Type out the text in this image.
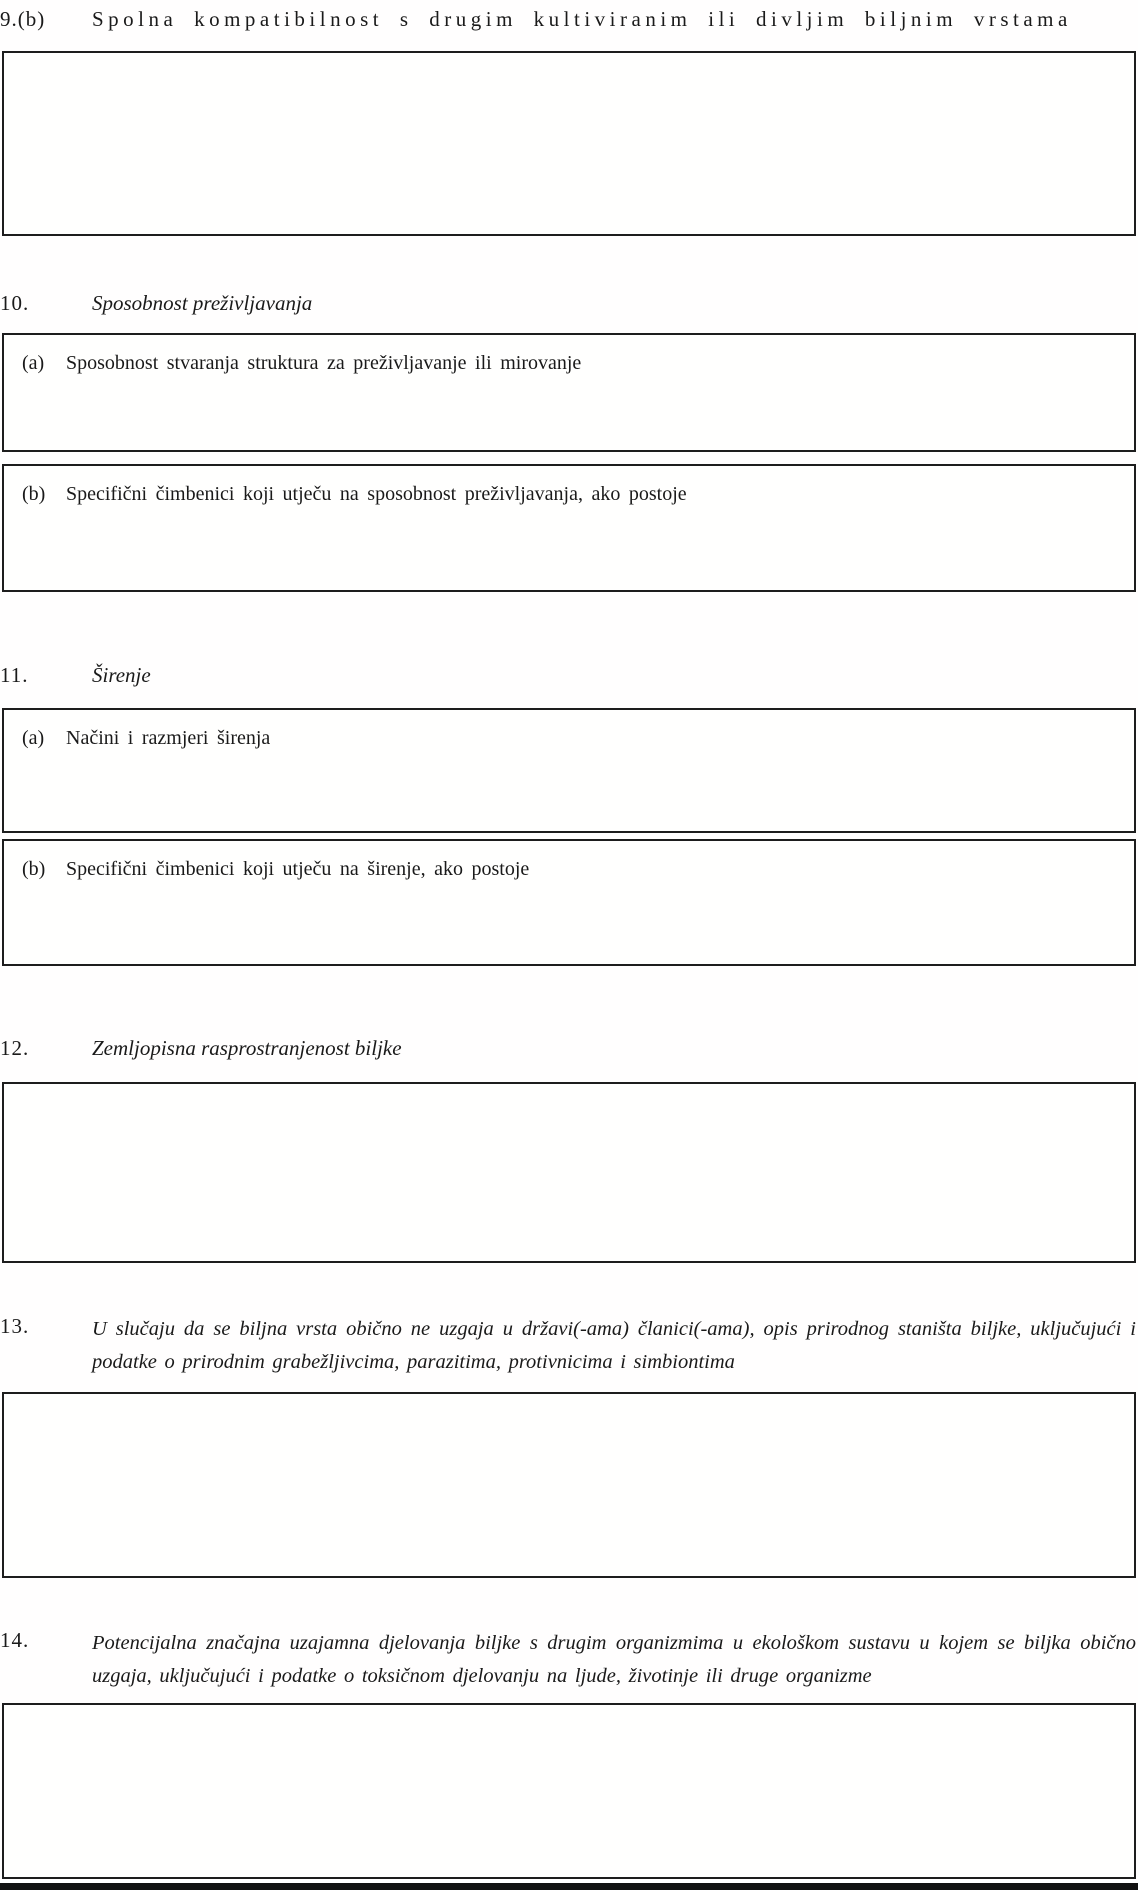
9.(b) Spolna kompatibilnost s drugim kultiviranim ili divljim biljnim vrstama
10.	Sposobnost preživljavanja
(a)	Sposobnost stvaranja struktura za preživljavanje ili mirovanje
(b)	Specifični čimbenici koji utječu na sposobnost preživljavanja, ako postoje
11.	Širenje
(a)	Načini i razmjeri širenja
(b)	Specifični čimbenici koji utječu na širenje, ako postoje
12.	Zemljopisna rasprostranjenost biljke
13.	U slučaju da se biljna vrsta obično ne uzgaja u državi(-ama) članici(-ama), opis prirodnog staništa biljke, uključujući i podatke o prirodnim grabežljivcima, parazitima, protivnicima i simbiontima
14.	Potencijalna značajna uzajamna djelovanja biljke s drugim organizmima u ekološkom sustavu u kojem se biljka obično uzgaja, uključujući i podatke o toksičnom djelovanju na ljude, životinje ili druge organizme
